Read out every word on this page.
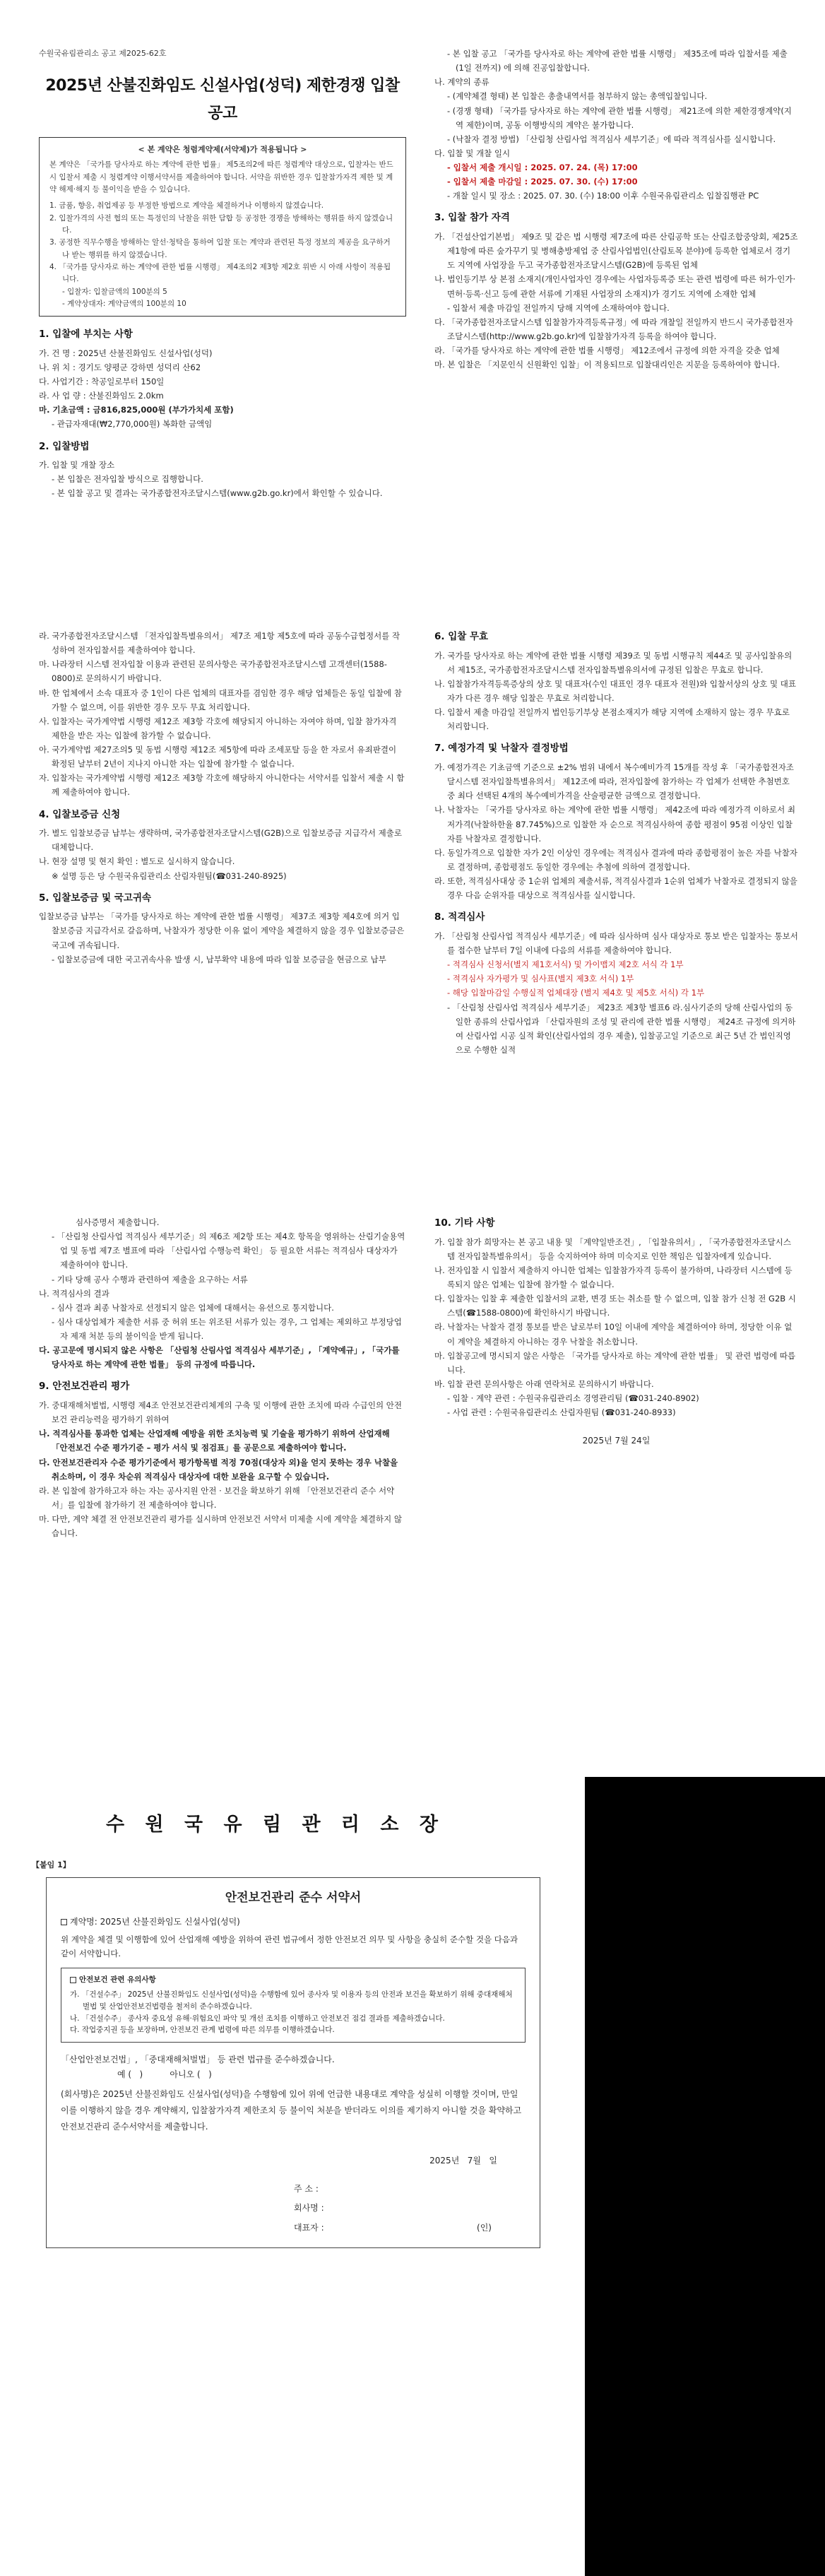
수원국유림관리소 공고 제2025-62호
2025년 산불진화임도 신설사업(성덕) 제한경쟁 입찰 공고
< 본 계약은 청렴계약제(서약제)가 적용됩니다 >
본 계약은 「국가를 당사자로 하는 계약에 관한 법률」 제5조의2에 따른 청렴계약 대상으로, 입찰자는 반드시 입찰서 제출 시 청렴계약 이행서약서를 제출하여야 합니다. 서약을 위반한 경우 입찰참가자격 제한 및 계약 해제·해지 등 불이익을 받을 수 있습니다.
1. 금품, 향응, 취업제공 등 부정한 방법으로 계약을 체결하거나 이행하지 않겠습니다.
2. 입찰가격의 사전 협의 또는 특정인의 낙찰을 위한 담합 등 공정한 경쟁을 방해하는 행위를 하지 않겠습니다.
3. 공정한 직무수행을 방해하는 알선·청탁을 통하여 입찰 또는 계약과 관련된 특정 정보의 제공을 요구하거나 받는 행위를 하지 않겠습니다.
4. 「국가를 당사자로 하는 계약에 관한 법률 시행령」 제4조의2 제3항 제2호 위반 시 아래 사항이 적용됩니다.
- 입찰자: 입찰금액의 100분의 5
- 계약상대자: 계약금액의 100분의 10
1. 입찰에 부치는 사항
가. 건 명 : 2025년 산불진화임도 신설사업(성덕)
나. 위 치 : 경기도 양평군 강하면 성덕리 산62
다. 사업기간 : 착공일로부터 150일
라. 사 업 량 : 산불진화임도 2.0km
마. 기초금액 : 금816,825,000원 (부가가치세 포함)
- 관급자재대(₩2,770,000원) 복화한 금액임
2. 입찰방법
가. 입찰 및 개찰 장소
- 본 입찰은 전자입찰 방식으로 집행합니다.
- 본 입찰 공고 및 결과는 국가종합전자조달시스템(www.g2b.go.kr)에서 확인할 수 있습니다.
- 본 입찰 공고 「국가를 당사자로 하는 계약에 관한 법률 시행령」 제35조에 따라 입찰서를 제출 (1일 전까지) 에 의해 진공입찰합니다.
나. 계약의 종류
- (계약체결 형태) 본 입찰은 총출내역서를 첨부하지 않는 총액입찰입니다.
- (경쟁 형태) 「국가를 당사자로 하는 계약에 관한 법률 시행령」 제21조에 의한 제한경쟁계약(지역 제한)이며, 공동 이행방식의 계약은 불가합니다.
- (낙찰자 결정 방법) 「산림청 산림사업 적격심사 세부기준」에 따라 적격심사를 실시합니다.
다. 입찰 및 개찰 일시
- 입찰서 제출 개시일 : 2025. 07. 24. (목) 17:00
- 입찰서 제출 마감일 : 2025. 07. 30. (수) 17:00
- 개찰 일시 및 장소 : 2025. 07. 30. (수) 18:00 이후 수원국유림관리소 입찰집행관 PC
3. 입찰 참가 자격
가. 「건설산업기본법」 제9조 및 같은 법 시행령 제7조에 따른 산림공학 또는 산림조합중앙회, 제25조 제1항에 따른 숲가꾸기 및 병해충방제업 중 산림사업법인(산림토목 분야)에 등록한 업체로서 경기도 지역에 사업장을 두고 국가종합전자조달시스템(G2B)에 등록된 업체
나. 법인등기부 상 본점 소재지(개인사업자인 경우에는 사업자등록증 또는 관련 법령에 따른 허가·인가·면허·등록·신고 등에 관한 서류에 기재된 사업장의 소재지)가 경기도 지역에 소재한 업체
- 입찰서 제출 마감일 전일까지 당해 지역에 소재하여야 합니다.
다. 「국가종합전자조달시스템 입찰참가자격등록규정」에 따라 개찰일 전일까지 반드시 국가종합전자조달시스템(http://www.g2b.go.kr)에 입찰참가자격 등록을 하여야 합니다.
라. 「국가를 당사자로 하는 계약에 관한 법률 시행령」 제12조에서 규정에 의한 자격을 갖춘 업체
마. 본 입찰은 「지문인식 신원확인 입찰」이 적용되므로 입찰대리인은 지문을 등록하여야 합니다.
라. 국가종합전자조달시스템 「전자입찰특별유의서」 제7조 제1항 제5호에 따라 공동수급협정서를 작성하여 전자입찰서를 제출하여야 합니다.
마. 나라장터 시스템 전자입찰 이용과 관련된 문의사항은 국가종합전자조달시스템 고객센터(1588-0800)로 문의하시기 바랍니다.
바. 한 업체에서 소속 대표자 중 1인이 다른 업체의 대표자를 겸임한 경우 해당 업체들은 동일 입찰에 참가할 수 없으며, 이를 위반한 경우 모두 무효 처리합니다.
사. 입찰자는 국가계약법 시행령 제12조 제3항 각호에 해당되지 아니하는 자여야 하며, 입찰 참가자격 제한을 받은 자는 입찰에 참가할 수 없습니다.
아. 국가계약법 제27조의5 및 동법 시행령 제12조 제5항에 따라 조세포탈 등을 한 자로서 유죄판결이 확정된 날부터 2년이 지나지 아니한 자는 입찰에 참가할 수 없습니다.
자. 입찰자는 국가계약법 시행령 제12조 제3항 각호에 해당하지 아니한다는 서약서를 입찰서 제출 시 함께 제출하여야 합니다.
4. 입찰보증금 신청
가. 별도 입찰보증금 납부는 생략하며, 국가종합전자조달시스템(G2B)으로 입찰보증금 지급각서 제출로 대체합니다.
나. 현장 설명 및 현지 확인 : 별도로 실시하지 않습니다.
※ 설명 등은 당 수원국유림관리소 산림자원팀(☎031-240-8925)
5. 입찰보증금 및 국고귀속
입찰보증금 납부는 「국가를 당사자로 하는 계약에 관한 법률 시행령」 제37조 제3항 제4호에 의거 입찰보증금 지급각서로 갈음하며, 낙찰자가 정당한 이유 없이 계약을 체결하지 않을 경우 입찰보증금은 국고에 귀속됩니다.
- 입찰보증금에 대한 국고귀속사유 발생 시, 납부확약 내용에 따라 입찰 보증금을 현금으로 납부
6. 입찰 무효
가. 국가를 당사자로 하는 계약에 관한 법률 시행령 제39조 및 동법 시행규칙 제44조 및 공사입찰유의서 제15조, 국가종합전자조달시스템 전자입찰특별유의서에 규정된 입찰은 무효로 합니다.
나. 입찰참가자격등록증상의 상호 및 대표자(수인 대표인 경우 대표자 전원)와 입찰서상의 상호 및 대표자가 다른 경우 해당 입찰은 무효로 처리합니다.
다. 입찰서 제출 마감일 전일까지 법인등기부상 본점소재지가 해당 지역에 소재하지 않는 경우 무효로 처리합니다.
7. 예정가격 및 낙찰자 결정방법
가. 예정가격은 기초금액 기준으로 ±2% 범위 내에서 복수예비가격 15개를 작성 후 「국가종합전자조달시스템 전자입찰특별유의서」 제12조에 따라, 전자입찰에 참가하는 각 업체가 선택한 추첨번호 중 최다 선택된 4개의 복수예비가격을 산술평균한 금액으로 결정합니다.
나. 낙찰자는 「국가를 당사자로 하는 계약에 관한 법률 시행령」 제42조에 따라 예정가격 이하로서 최저가격(낙찰하한율 87.745%)으로 입찰한 자 순으로 적격심사하여 종합 평점이 95점 이상인 입찰자를 낙찰자로 결정합니다.
다. 동일가격으로 입찰한 자가 2인 이상인 경우에는 적격심사 결과에 따라 종합평점이 높은 자를 낙찰자로 결정하며, 종합평점도 동일한 경우에는 추첨에 의하여 결정합니다.
라. 또한, 적격심사대상 중 1순위 업체의 제출서류, 적격심사결과 1순위 업체가 낙찰자로 결정되지 않을 경우 다음 순위자를 대상으로 적격심사를 실시합니다.
8. 적격심사
가. 「산림청 산림사업 적격심사 세부기준」에 따라 심사하며 심사 대상자로 통보 받은 입찰자는 통보서를 접수한 날부터 7일 이내에 다음의 서류를 제출하여야 합니다.
- 적격심사 신청서(별지 제1호서식) 및 가이맵지 제2호 서식 각 1부
- 적격심사 자가평가 및 심사표(별지 제3호 서식) 1부
- 해당 입찰마감일 수행실적 업체대장 (별지 제4호 및 제5호 서식) 각 1부
- 「산림청 산림사업 적격심사 세부기준」 제23조 제3항 별표6 라.심사기준의 당해 산림사업의 동일한 종류의 산림사업과 「산림자원의 조성 및 관리에 관한 법률 시행령」 제24조 규정에 의거하여 산림사업 시공 실적 확인(산림사업의 경우 제출), 입찰공고일 기준으로 최근 5년 간 법인직영으로 수행한 실적
심사증명서 제출합니다.
- 「산림청 산림사업 적격심사 세부기준」의 제6조 제2항 또는 제4호 항목을 영위하는 산림기술용역업 및 동법 제7조 별표에 따라 「산림사업 수행능력 확인」 등 필요한 서류는 적격심사 대상자가 제출하여야 합니다.
- 기타 당해 공사 수행과 관련하여 제출을 요구하는 서류
나. 적격심사의 결과
- 심사 결과 최종 낙찰자로 선정되지 않은 업체에 대해서는 유선으로 통지합니다.
- 심사 대상업체가 제출한 서류 중 허위 또는 위조된 서류가 있는 경우, 그 업체는 제외하고 부정당업자 제재 처분 등의 불이익을 받게 됩니다.
다. 공고문에 명시되지 않은 사항은 「산림청 산림사업 적격심사 세부기준」, 「계약예규」, 「국가를 당사자로 하는 계약에 관한 법률」 등의 규정에 따릅니다.
9. 안전보건관리 평가
가. 중대재해처벌법, 시행령 제4조 안전보건관리체계의 구축 및 이행에 관한 조치에 따라 수급인의 안전보건 관리능력을 평가하기 위하여
나. 적격심사를 통과한 업체는 산업재해 예방을 위한 조치능력 및 기술을 평가하기 위하여 산업재해 「안전보건 수준 평가기준 – 평가 서식 및 점검표」를 공문으로 제출하여야 합니다.
다. 안전보건관리자 수준 평가기준에서 평가항목별 적정 70점(대상자 외)을 얻지 못하는 경우 낙찰을 취소하며, 이 경우 차순위 적격심사 대상자에 대한 보완을 요구할 수 있습니다.
라. 본 입찰에 참가하고자 하는 자는 공사지원 안전 · 보건을 확보하기 위해 「안전보건관리 준수 서약서」를 입찰에 참가하기 전 제출하여야 합니다.
마. 다만, 계약 체결 전 안전보건관리 평가를 실시하며 안전보건 서약서 미제출 시에 계약을 체결하지 않습니다.
10. 기타 사항
가. 입찰 참가 희망자는 본 공고 내용 및 「계약일반조건」, 「입찰유의서」, 「국가종합전자조달시스템 전자입찰특별유의서」 등을 숙지하여야 하며 미숙지로 인한 책임은 입찰자에게 있습니다.
나. 전자입찰 시 입찰서 제출하지 아니한 업체는 입찰참가자격 등록이 불가하며, 나라장터 시스템에 등록되지 않은 업체는 입찰에 참가할 수 없습니다.
다. 입찰자는 입찰 후 제출한 입찰서의 교환, 변경 또는 취소를 할 수 없으며, 입찰 참가 신청 전 G2B 시스템(☎1588-0800)에 확인하시기 바랍니다.
라. 낙찰자는 낙찰자 결정 통보를 받은 날로부터 10일 이내에 계약을 체결하여야 하며, 정당한 이유 없이 계약을 체결하지 아니하는 경우 낙찰을 취소합니다.
마. 입찰공고에 명시되지 않은 사항은 「국가를 당사자로 하는 계약에 관한 법률」 및 관련 법령에 따릅니다.
바. 입찰 관련 문의사항은 아래 연락처로 문의하시기 바랍니다.
- 입찰 · 계약 관련 : 수원국유림관리소 경영관리팀 (☎031-240-8902)
- 사업 관련 : 수원국유림관리소 산림자원팀 (☎031-240-8933)
2025년 7월 24일
수 원 국 유 림 관 리 소 장
【붙임 1】
안전보건관리 준수 서약서
계약명: 2025년 산불진화임도 신설사업(성덕)
위 계약을 체결 및 이행함에 있어 산업재해 예방을 위하여 관련 법규에서 정한 안전보건 의무 및 사항을 충실히 준수할 것을 다음과 같이 서약합니다.
안전보건 관련 유의사항
가. 「건설수주」 2025년 산불진화임도 신설사업(성덕)을 수행함에 있어 종사자 및 이용자 등의 안전과 보건을 확보하기 위해 중대재해처벌법 및 산업안전보건법령을 철저히 준수하겠습니다.
나. 「건설수주」 종사자 중요성 유해·위험요인 파악 및 개선 조치를 이행하고 안전보건 점검 결과를 제출하겠습니다.
다. 작업중지권 등을 보장하며, 안전보건 관계 법령에 따른 의무를 이행하겠습니다.
「산업안전보건법」, 「중대재해처벌법」 등 관련 법규를 준수하겠습니다.
예 (   )          아니오 (   )
(회사명)은 2025년 산불진화임도 신설사업(성덕)을 수행함에 있어 위에 언급한 내용대로 계약을 성실히 이행할 것이며, 만일 이를 이행하지 않을 경우 계약해지, 입찰참가자격 제한조치 등 불이익 처분을 받더라도 이의를 제기하지 아니할 것을 확약하고 안전보건관리 준수서약서를 제출합니다.
2025년   7월   일
주 소 :
회사명 :
대표자 :	(인)
